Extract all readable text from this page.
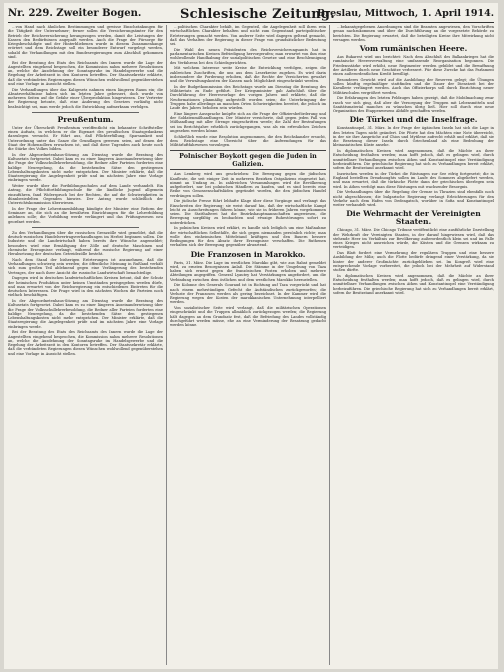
Nr. 229. Zweiter Bogen.	Schlesische Zeitung.
Breslau, Mittwoch, 1. April 1914.

…von Hand nach ähnlichen Bestimmungen und gewisse Einschränkungen für die Tätigkeit der Unternehmer; ferner sollen die Versicherungsämter für den Betrieb der Reichsversicherung herangezogen werden, damit die Leistungen der Kassen den Bedürfnissen angepaßt werden. Auch die Frage der Fürsorge für Kriegsbeschädigte und der Hinterbliebenen wurde in diesem Zusammenhange erörtert und dem Reichstage soll ein besonderer Entwurf vorgelegt werden, sobald die Verhandlungen mit den Bundesregierungen zum Abschluß gekommen sind.

Bei der Beratung des Etats des Reichsamts des Innern wurde die Lage der Angestellten eingehend besprochen, die Kommission nahm mehrere Resolutionen an, welche die Ausdehnung der Sonntagsruhe im Handelsgewerbe und die Regelung der Arbeitszeit in den Kontoren betreffen. Der Staatssekretär erklärte, daß die verbündeten Regierungen diesen Wünschen wohlwollend gegenüberstehen und eine Vorlage in Aussicht stellen.

Die Verhandlungen über das Kaligesetz nahmen einen längeren Raum ein; die Absatzverhältnisse haben sich im letzten Jahre gebessert, doch wurde von mehreren Seiten auf die Gefahr einer Überproduktion hingewiesen. Der Vertreter der Regierung betonte, daß eine Änderung des Gesetzes vorläufig nicht beabsichtigt sei, man werde jedoch die Entwicklung aufmerksam verfolgen.

Preußentum.

Unter der Überschrift Preußentum veröffentlicht ein bekannter Schriftsteller einen Aufsatz, in welchem er die Eigenart des preußischen Staatsgedankens darzulegen versucht. Er führt aus, daß Pflichterfüllung, Sparsamkeit und Unterordnung unter das Ganze die Grundlagen gewesen seien, auf denen der Staat der Hohenzollern erwachsen ist, und daß diese Tugenden auch heute noch die Stärke des Volkes bilden.

In der Abgeordnetenhaus-Sitzung am Dienstag wurde die Beratung des Kultusetats fortgesetzt. Dabei kam es zu einer längeren Auseinandersetzung über die Frage der Volksschullehrerbesoldung, die Redner aller Parteien forderten eine baldige Neuregelung, da die bestehenden Sätze den gestiegenen Lebenshaltungskosten nicht mehr entsprächen. Der Minister erklärte, daß die Staatsregierung die Angelegenheit prüfe und im nächsten Jahre eine Vorlage einbringen werde.

Weiter wurde über die Fortbildungsschulen auf dem Lande verhandelt. Ein Antrag, die Pflichtfortbildungsschule für die ländliche Jugend allgemein einzuführen, fand Widerspruch bei der Rechten, die auf die Schwierigkeiten in dünnbesiedelten Gegenden hinwies. Der Antrag wurde schließlich der Unterrichtskommission überwiesen.

In der Frage der Lehrerinnenbildung kündigte der Minister eine Reform der Seminare an, die sich an die bewährten Einrichtungen für die Lehrerbildung anlehnen solle; die Vorbildung werde verlängert und das Prüfungswesen neu geordnet werden.

Zu den Verhandlungen über die russischen Grenzzölle wird gemeldet, daß die deutsch-russischen Handelsvertragsverhandlungen im Herbst beginnen sollen. Die Industrie und die Landwirtschaft haben bereits ihre Wünsche angemeldet; besonders wird eine Ermäßigung der Zölle auf deutsche Maschinen und chemische Erzeugnisse verlangt, während die russische Regierung auf einer Herabsetzung der deutschen Getreidezölle besteht.

Nach dem Stand der bisherigen Erörterungen ist anzunehmen, daß die Verhandlungen schwierig sein werden; die öffentliche Meinung in Rußland verhält sich zum großen Teil ablehnend gegen eine Verlängerung des bestehenden Vertrages, der nach ihrer Ansicht die russische Landwirtschaft benachteilige.

Dagegen wird in deutschen landwirtschaftlichen Kreisen betont, daß der Schutz der heimischen Produktion unter keinen Umständen preisgegeben werden dürfe, und man erwartet von der Reichsregierung ein entschiedenes Eintreten für die deutschen Interessen. Die Frage wird in den nächsten Wochen die Parteien noch vielfach beschäftigen.

In der Abgeordnetenhaus-Sitzung am Dienstag wurde die Beratung des Kultusetats fortgesetzt. Dabei kam es zu einer längeren Auseinandersetzung über die Frage der Volksschullehrerbesoldung, die Redner aller Parteien forderten eine baldige Neuregelung, da die bestehenden Sätze den gestiegenen Lebenshaltungskosten nicht mehr entsprächen. Der Minister erklärte, daß die Staatsregierung die Angelegenheit prüfe und im nächsten Jahre eine Vorlage einbringen werde.

Bei der Beratung des Etats des Reichsamts des Innern wurde die Lage der Angestellten eingehend besprochen, die Kommission nahm mehrere Resolutionen an, welche die Ausdehnung der Sonntagsruhe im Handelsgewerbe und die Regelung der Arbeitszeit in den Kontoren betreffen. Der Staatssekretär erklärte, daß die verbündeten Regierungen diesen Wünschen wohlwollend gegenüberstehen und eine Vorlage in Aussicht stellen.

…politischen Charakter behält, im Gegenteil, die Angelegenheit soll ihren rein wirtschaftlichen Charakter behalten und nicht zum Gegenstand parteipolitischer Erörterungen gemacht werden. Von anderer Seite wird dagegen geltend gemacht, daß das Verhalten der Regierung in dieser Frage von grundsätzlicher Bedeutung sei.

Die Wahl des neuen Präsidenten des Reichsversicherungsamts hat in parlamentarischen Kreisen Befriedigung hervorgerufen; man erwartet von ihm eine wohlwollende Handhabung der sozialpolitischen Gesetze und eine Beschleunigung des Verfahrens bei den Schiedsgerichten.

Mit welchem Interesse weite Kreise die Entwicklung verfolgen, zeigen die zahlreichen Zuschriften, die uns aus dem Leserkreise zugehen. Es wird darin insbesondere die Forderung erhoben, daß die Rechte der Versicherten gewahrt und die Verwaltungskosten der Kassen nach Möglichkeit eingeschränkt werden.

In der Budgetkommission des Reichstags wurde am Dienstag die Beratung des Militäretats zu Ende geführt. Der Kriegsminister gab Aufschluß über die Durchführung der Heeresvorlage des vorigen Jahres und erklärte, daß die Neuformationen planmäßig aufgestellt worden seien; die Unterbringung der Truppen habe allerdings an manchen Orten Schwierigkeiten bereitet, die jedoch im Laufe des Jahres behoben sein würden.

Eine längere Aussprache knüpfte sich an die Frage der Offiziersbeförderung und der Soldatenmißhandlungen. Der Minister versicherte, daß gegen jeden Fall von Mißhandlung mit aller Strenge eingeschritten werde; die Zahl der Bestrafungen sei im Berichtsjahre erheblich zurückgegangen, was als ein erfreuliches Zeichen angesehen werden könne.

Schließlich wurde eine Resolution angenommen, die den Reichskanzler ersucht, dem Reichstage eine Übersicht über die Aufwendungen für das Militärluftfahrwesen vorzulegen.

Polnischer Boykott gegen die Juden in Galizien.

Aus Lemberg wird uns geschrieben: Die Bewegung gegen die jüdischen Kaufleute, die seit einiger Zeit in mehreren Bezirken Ostgaliziens eingesetzt hat, nimmt an Umfang zu. In zahlreichen Versammlungen wird die Bevölkerung aufgefordert, nur bei polnischen Händlern zu kaufen, und es sind bereits eine Reihe von Genossenschaftsläden gegründet worden, die den jüdischen Handel verdrängen sollen.

Die jüdische Presse führt lebhafte Klage über diese Vorgänge und verlangt das Einschreiten der Regierung; sie weist darauf hin, daß der wirtschaftliche Kampf leicht zu Ausschreitungen führen könne, wie sie in früheren Jahren vorgekommen seien. Die Statthalterei hat die Bezirkshauptmannschaften angewiesen, die Bewegung sorgfältig zu beobachten und etwaige Ruhestörungen sofort zu unterdrücken.

In polnischen Kreisen wird erklärt, es handle sich lediglich um eine Maßnahme der wirtschaftlichen Selbsthilfe, die sich gegen niemanden persönlich richte; man wolle den einheimischen Mittelstand kräftigen und den Bauern bessere Bedingungen für den Absatz ihrer Erzeugnisse verschaffen. Die Ruthenen verhalten sich der Bewegung gegenüber abwartend.

Die Franzosen in Marokko.

Paris, 31. März. Die Lage im westlichen Marokko gibt, wie aus Rabat gemeldet wird, zu ernsten Besorgnissen Anlaß. Die Stämme in der Umgebung von Taza haben sich erneut gegen die französischen Posten erhoben und mehrere Abteilungen angegriffen. General Lyautey hat Verstärkungen angefordert, um die Verbindung zwischen dem östlichen und dem westlichen Marokko herzustellen.

Die Kolonne des Generals Gouraud ist in Richtung auf Taza vorgerückt und hat nach einem mehrstündigen Gefecht die Aufständischen zurückgeworfen; die Verluste der Franzosen werden als gering bezeichnet. In der Kammer wird die Regierung wegen der Kosten der marokkanischen Unternehmung interpelliert werden.

Von sozialistischer Seite wird verlangt, daß die militärischen Operationen eingeschränkt und die Truppen allmählich zurückgezogen werden; die Regierung hält dagegen an dem Grundsatz fest, daß die Befriedung des Landes vollständig durchgeführt werden müsse, ehe an eine Verminderung der Besatzung gedacht werden könne.

…bekanntgegebenen Anordnungen sind die Beamten angewiesen, den Vorschriften genau nachzukommen und über die Durchführung an die vorgesetzte Behörde zu berichten. Die Regierung erwartet, daß die beteiligten Kreise ihre Mitwirkung nicht versagen werden.

Vom rumänischen Heere.

Aus Bukarest wird uns berichtet: Nach dem Abschluß des Balkankrieges hat die rumänische Heeresverwaltung eine umfassende Reorganisation begonnen. Die Friedensstärke wird erhöht, neue Regimenter werden gebildet und die Bewaffnung der Artillerie durch neue Geschütze verbessert. Für diese Zwecke hat das Parlament einen außerordentlichen Kredit bewilligt.

Besonderes Gewicht wird auf die Ausbildung der Reserven gelegt; die Übungen sollen künftig regelmäßiger stattfinden und die Dauer der Dienstzeit bei der Kavallerie verlängert werden. Auch das Offizierkorps soll durch Einrichtung neuer Militärschulen vergrößert werden.

Die Erfahrungen des letzten Feldzuges haben gezeigt, daß die Mobilmachung zwar rasch vor sich ging, daß aber die Versorgung der Truppen mit Lebensmitteln und Sanitätsmaterial manches zu wünschen übrig ließ. Hier soll durch eine neue Organisation des Etappenwesens Abhilfe geschaffen werden.

Die Türkei und die Inselfrage.

Konstantinopel, 31. März. In der Frage der ägäischen Inseln hat sich die Lage in den letzten Tagen nicht geändert. Die Pforte hat den Mächten eine Note überreicht, in der sie ihre Ansprüche auf Chios und Mytilene aufrecht erhält und erklärt, daß sie die Besetzung dieser Inseln durch Griechenland als eine Bedrohung der kleinasiatischen Küste ansehe.

In diplomatischen Kreisen wird angenommen, daß die Mächte an ihrer Entscheidung festhalten werden; man hofft jedoch, daß es gelingen wird, durch unmittelbare Verhandlungen zwischen Athen und Konstantinopel eine Verständigung herbeizuführen. Die griechische Regierung hat sich zu Verhandlungen bereit erklärt, sofern ihr Besitzstand anerkannt wird.

Inzwischen werden in der Türkei die Rüstungen zur See eifrig fortgesetzt; die in England bestellten Dreadnoughts sollen im Laufe des Sommers abgeliefert werden, und man erwartet, daß die türkische Flotte dann der griechischen überlegen sein wird. In Athen verfolgt man diese Rüstungen mit wachsender Besorgnis.

Die Verhandlungen über die Regelung der Grenze in Thrazien sind ebenfalls noch nicht abgeschlossen; die bulgarische Regierung verlangt Erleichterungen für den Verkehr nach dem Hafen von Dedeagatsch, worüber in Sofia und Konstantinopel weiter verhandelt wird.

Die Wehrmacht der Vereinigten Staaten.

Chicago, 31. März. Die Chicago Tribune veröffentlicht eine ausführliche Darstellung der Wehrkraft der Vereinigten Staaten, in der darauf hingewiesen wird, daß das stehende Heer im Verhältnis zur Bevölkerung außerordentlich klein sei und im Falle eines Krieges nicht ausreichen würde, die Küsten und die Grenzen wirksam zu verteidigen.

Das Blatt fordert eine Vermehrung der regulären Truppen und eine bessere Ausbildung der Miliz; auch die Flotte bedürfe dringend einer Verstärkung, da sie hinter der anderer Großmächte zurückgeblieben sei. Im Kongreß wird eine entsprechende Vorlage vorbereitet, die jedoch bei der Mehrheit auf Widerstand stoßen dürfte.

In diplomatischen Kreisen wird angenommen, daß die Mächte an ihrer Entscheidung festhalten werden; man hofft jedoch, daß es gelingen wird, durch unmittelbare Verhandlungen zwischen Athen und Konstantinopel eine Verständigung herbeizuführen. Die griechische Regierung hat sich zu Verhandlungen bereit erklärt, sofern ihr Besitzstand anerkannt wird.
